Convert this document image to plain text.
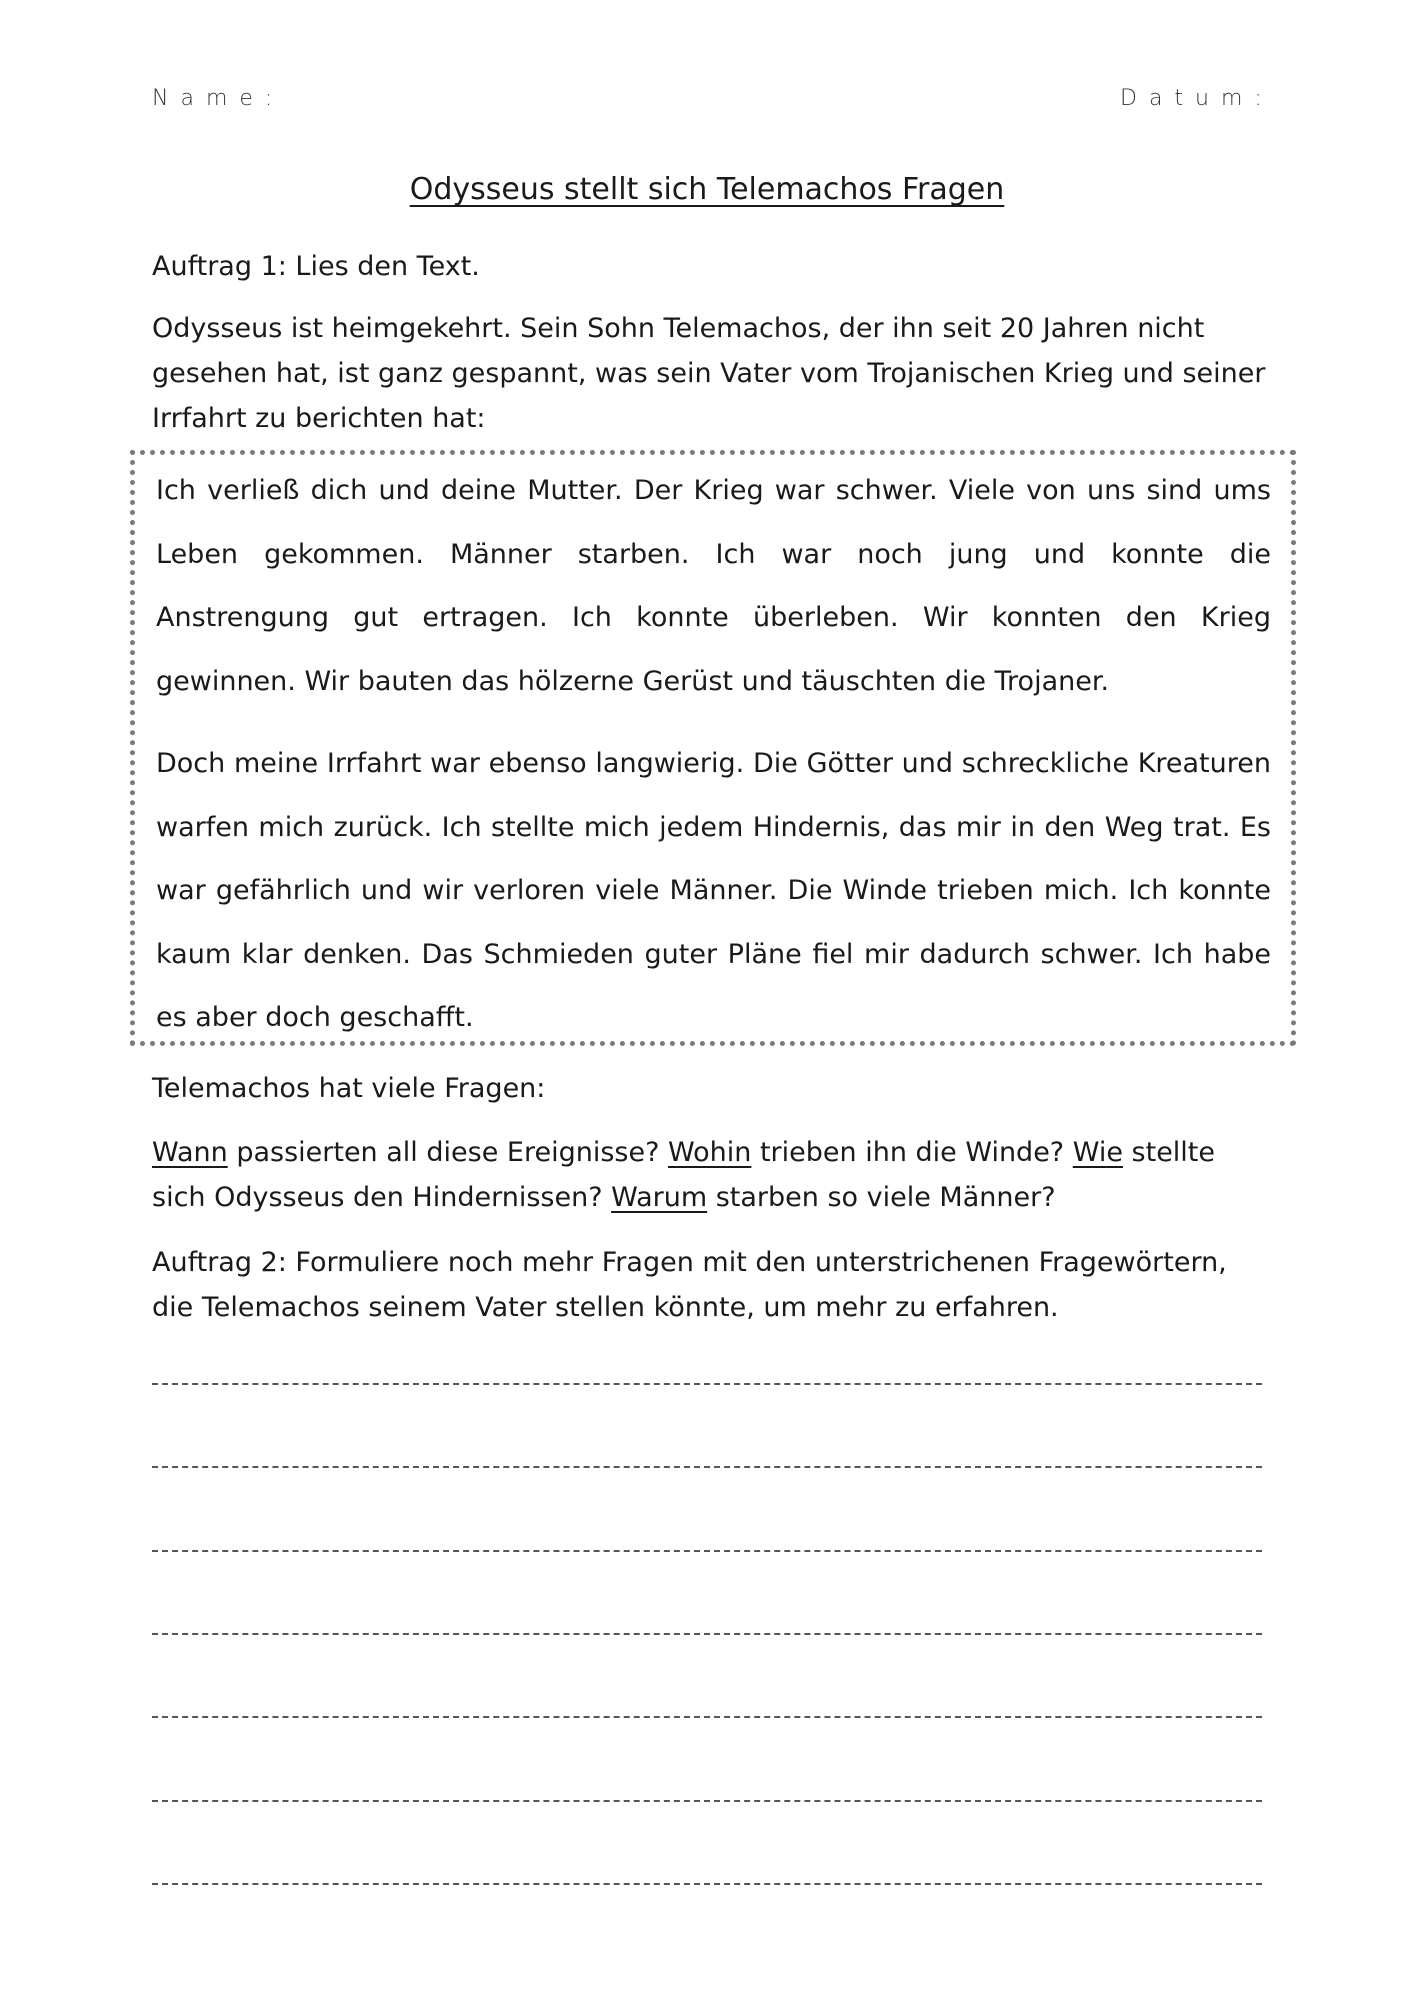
Name:	Datum:
Odysseus stellt sich Telemachos Fragen
Auftrag 1: Lies den Text.
Odysseus ist heimgekehrt. Sein Sohn Telemachos, der ihn seit 20 Jahren nicht gesehen hat, ist ganz gespannt, was sein Vater vom Trojanischen Krieg und seiner Irrfahrt zu berichten hat:
Ich verließ dich und deine Mutter. Der Krieg war schwer. Viele von uns sind ums Leben gekommen. Männer starben. Ich war noch jung und konnte die Anstrengung gut ertragen. Ich konnte überleben. Wir konnten den Krieg gewinnen. Wir bauten das hölzerne Gerüst und täuschten die Trojaner.
Doch meine Irrfahrt war ebenso langwierig. Die Götter und schreckliche Kreaturen warfen mich zurück. Ich stellte mich jedem Hindernis, das mir in den Weg trat. Es war gefährlich und wir verloren viele Männer. Die Winde trieben mich. Ich konnte kaum klar denken. Das Schmieden guter Pläne fiel mir dadurch schwer. Ich habe es aber doch geschafft.
Telemachos hat viele Fragen:
Wann passierten all diese Ereignisse? Wohin trieben ihn die Winde? Wie stellte sich Odysseus den Hindernissen? Warum starben so viele Männer?
Auftrag 2: Formuliere noch mehr Fragen mit den unterstrichenen Fragewörtern, die Telemachos seinem Vater stellen könnte, um mehr zu erfahren.
